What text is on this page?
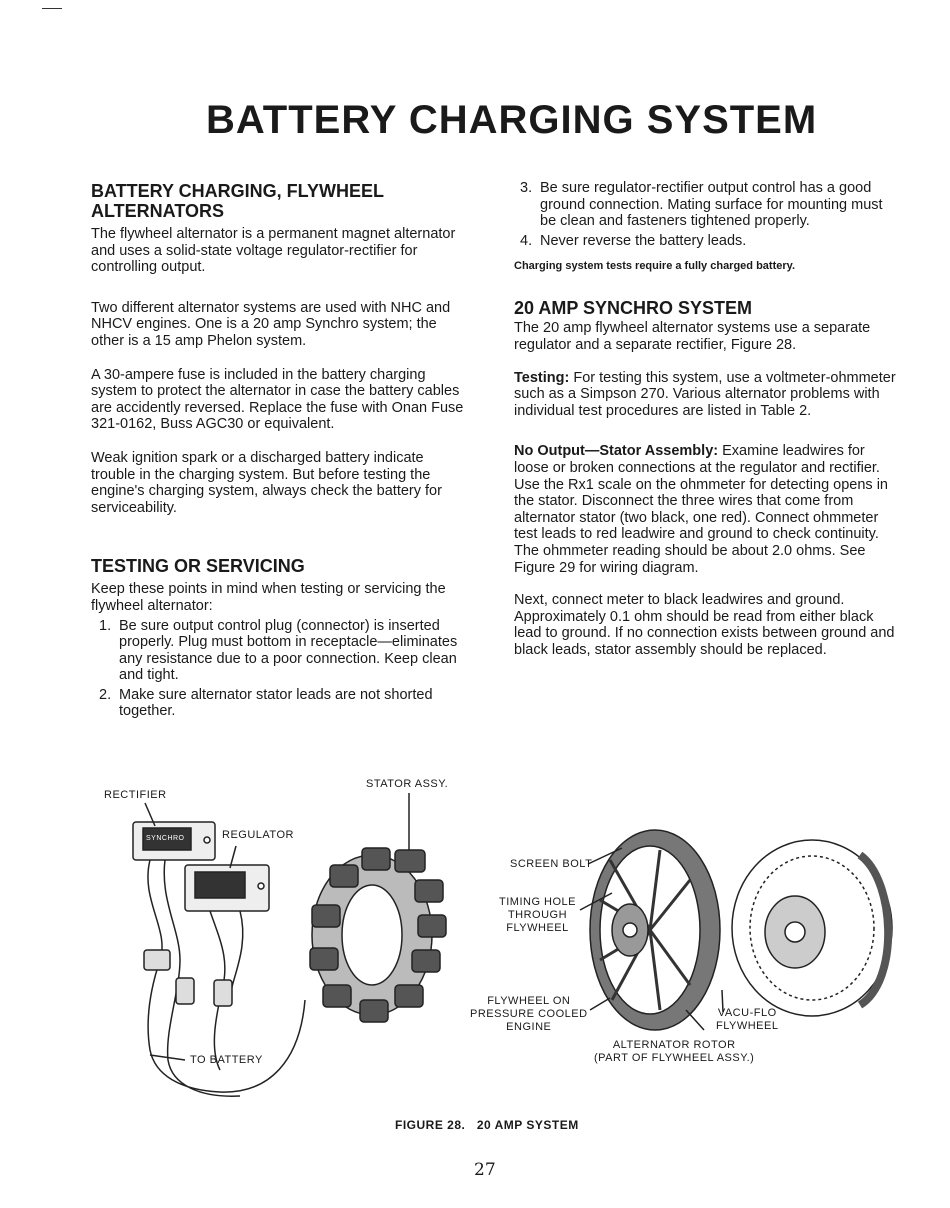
BATTERY CHARGING SYSTEM
BATTERY CHARGING, FLYWHEEL ALTERNATORS

The flywheel alternator is a permanent magnet alternator and uses a solid-state voltage regulator-rectifier for controlling output.

Two different alternator systems are used with NHC and NHCV engines. One is a 20 amp Synchro system; the other is a 15 amp Phelon system.

A 30-ampere fuse is included in the battery charging system to protect the alternator in case the battery cables are accidently reversed. Replace the fuse with Onan Fuse 321-0162, Buss AGC30 or equivalent.

Weak ignition spark or a discharged battery indicate trouble in the charging system. But before testing the engine's charging system, always check the battery for serviceability.

TESTING OR SERVICING

Keep these points in mind when testing or servicing the flywheel alternator:

1. Be sure output control plug (connector) is inserted properly. Plug must bottom in receptacle—eliminates any resistance due to a poor connection. Keep clean and tight.
2. Make sure alternator stator leads are not shorted together.
3. Be sure regulator-rectifier output control has a good ground connection. Mating surface for mounting must be clean and fasteners tightened properly.
4. Never reverse the battery leads.

Charging system tests require a fully charged battery.

20 AMP SYNCHRO SYSTEM

The 20 amp flywheel alternator systems use a separate regulator and a separate rectifier, Figure 28.

Testing: For testing this system, use a voltmeter-ohmmeter such as a Simpson 270. Various alternator problems with individual test procedures are listed in Table 2.

No Output—Stator Assembly: Examine leadwires for loose or broken connections at the regulator and rectifier. Use the Rx1 scale on the ohmmeter for detecting opens in the stator. Disconnect the three wires that come from alternator stator (two black, one red). Connect ohmmeter test leads to red leadwire and ground to check continuity. The ohmmeter reading should be about 2.0 ohms. See Figure 29 for wiring diagram.

Next, connect meter to black leadwires and ground. Approximately 0.1 ohm should be read from either black lead to ground. If no connection exists between ground and black leads, stator assembly should be replaced.

RECTIFIER
STATOR ASSY.
REGULATOR
TO BATTERY
SYNCHRO
SCREEN BOLT
TIMING HOLE
THROUGH
FLYWHEEL
FLYWHEEL ON
PRESSURE COOLED
ENGINE
VACU-FLO
FLYWHEEL
ALTERNATOR ROTOR
(PART OF FLYWHEEL ASSY.)
FIGURE 28.   20 AMP SYSTEM
27
